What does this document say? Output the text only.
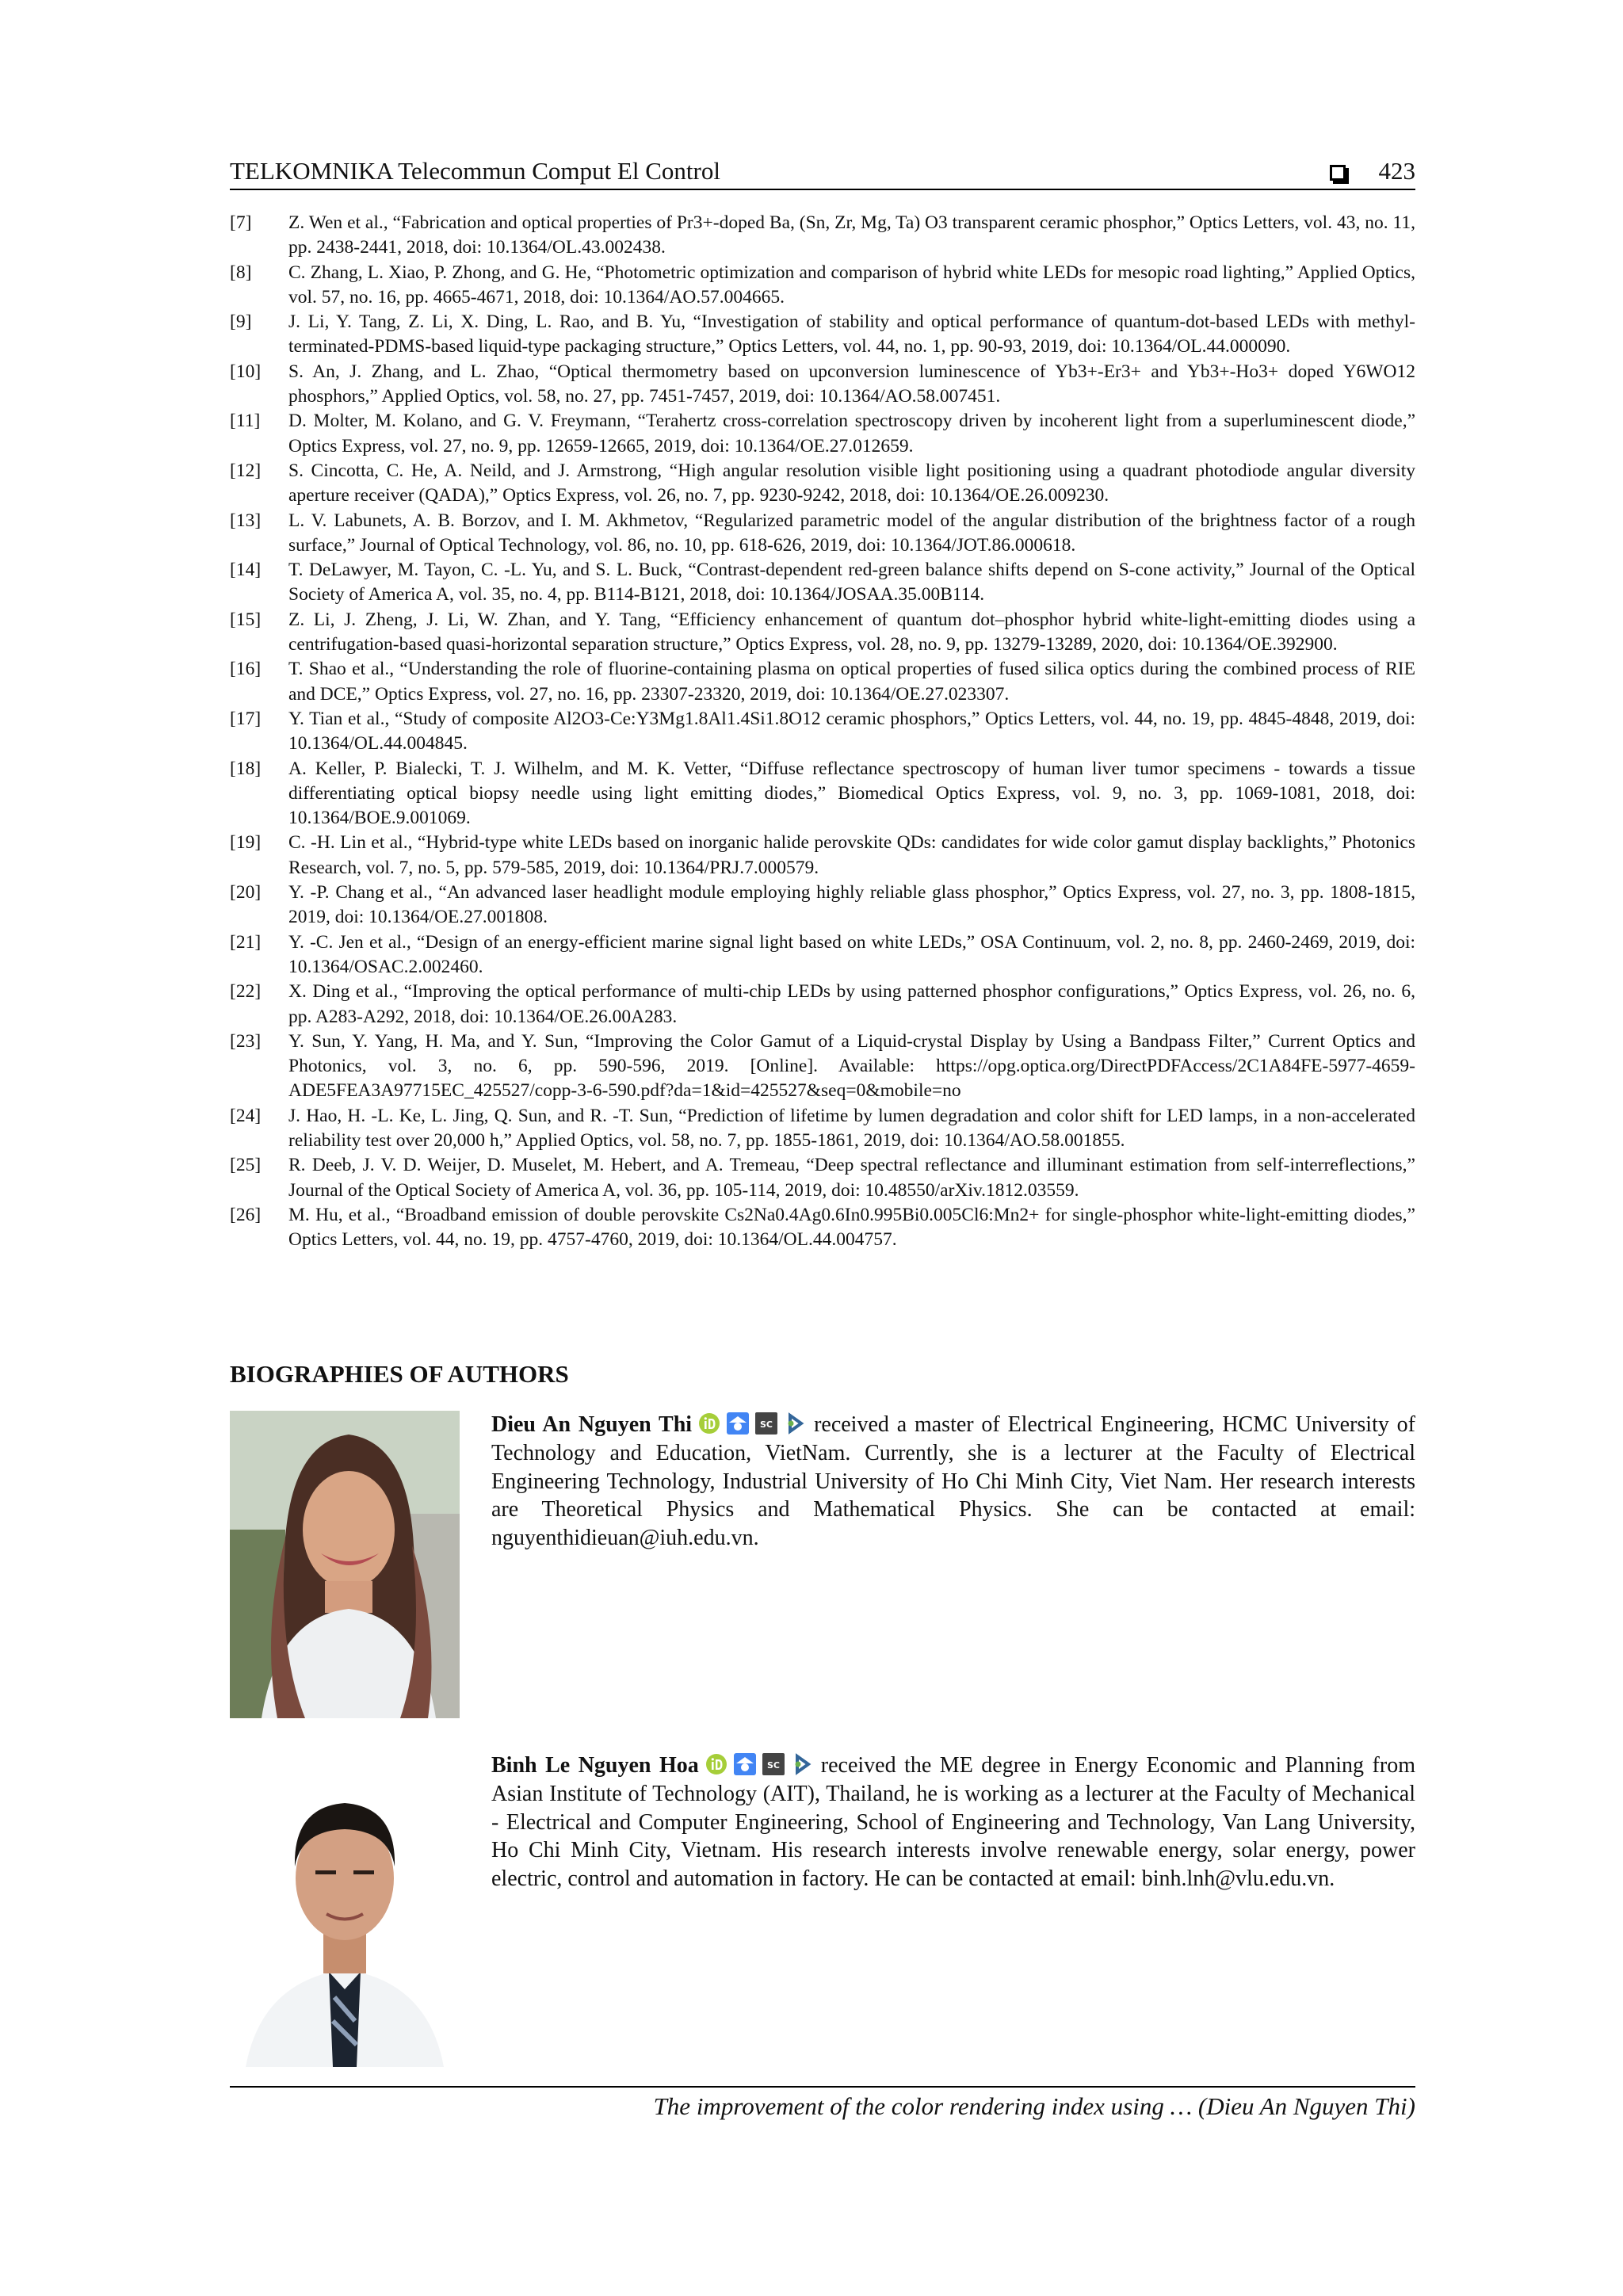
TELKOMNIKA Telecommun Comput El Control	423
[7]	Z. Wen et al., “Fabrication and optical properties of Pr3+-doped Ba, (Sn, Zr, Mg, Ta) O3 transparent ceramic phosphor,” Optics Letters, vol. 43, no. 11, pp. 2438-2441, 2018, doi: 10.1364/OL.43.002438.
[8]	C. Zhang, L. Xiao, P. Zhong, and G. He, “Photometric optimization and comparison of hybrid white LEDs for mesopic road lighting,” Applied Optics, vol. 57, no. 16, pp. 4665-4671, 2018, doi: 10.1364/AO.57.004665.
[9]	J. Li, Y. Tang, Z. Li, X. Ding, L. Rao, and B. Yu, “Investigation of stability and optical performance of quantum-dot-based LEDs with methyl-terminated-PDMS-based liquid-type packaging structure,” Optics Letters, vol. 44, no. 1, pp. 90-93, 2019, doi: 10.1364/OL.44.000090.
[10]	S. An, J. Zhang, and L. Zhao, “Optical thermometry based on upconversion luminescence of Yb3+-Er3+ and Yb3+-Ho3+ doped Y6WO12 phosphors,” Applied Optics, vol. 58, no. 27, pp. 7451-7457, 2019, doi: 10.1364/AO.58.007451.
[11]	D. Molter, M. Kolano, and G. V. Freymann, “Terahertz cross-correlation spectroscopy driven by incoherent light from a superluminescent diode,” Optics Express, vol. 27, no. 9, pp. 12659-12665, 2019, doi: 10.1364/OE.27.012659.
[12]	S. Cincotta, C. He, A. Neild, and J. Armstrong, “High angular resolution visible light positioning using a quadrant photodiode angular diversity aperture receiver (QADA),” Optics Express, vol. 26, no. 7, pp. 9230-9242, 2018, doi: 10.1364/OE.26.009230.
[13]	L. V. Labunets, A. B. Borzov, and I. M. Akhmetov, “Regularized parametric model of the angular distribution of the brightness factor of a rough surface,” Journal of Optical Technology, vol. 86, no. 10, pp. 618-626, 2019, doi: 10.1364/JOT.86.000618.
[14]	T. DeLawyer, M. Tayon, C. -L. Yu, and S. L. Buck, “Contrast-dependent red-green balance shifts depend on S-cone activity,” Journal of the Optical Society of America A, vol. 35, no. 4, pp. B114-B121, 2018, doi: 10.1364/JOSAA.35.00B114.
[15]	Z. Li, J. Zheng, J. Li, W. Zhan, and Y. Tang, “Efficiency enhancement of quantum dot–phosphor hybrid white-light-emitting diodes using a centrifugation-based quasi-horizontal separation structure,” Optics Express, vol. 28, no. 9, pp. 13279-13289, 2020, doi: 10.1364/OE.392900.
[16]	T. Shao et al., “Understanding the role of fluorine-containing plasma on optical properties of fused silica optics during the combined process of RIE and DCE,” Optics Express, vol. 27, no. 16, pp. 23307-23320, 2019, doi: 10.1364/OE.27.023307.
[17]	Y. Tian et al., “Study of composite Al2O3-Ce:Y3Mg1.8Al1.4Si1.8O12 ceramic phosphors,” Optics Letters, vol. 44, no. 19, pp. 4845-4848, 2019, doi: 10.1364/OL.44.004845.
[18]	A. Keller, P. Bialecki, T. J. Wilhelm, and M. K. Vetter, “Diffuse reflectance spectroscopy of human liver tumor specimens - towards a tissue differentiating optical biopsy needle using light emitting diodes,” Biomedical Optics Express, vol. 9, no. 3, pp. 1069-1081, 2018, doi: 10.1364/BOE.9.001069.
[19]	C. -H. Lin et al., “Hybrid-type white LEDs based on inorganic halide perovskite QDs: candidates for wide color gamut display backlights,” Photonics Research, vol. 7, no. 5, pp. 579-585, 2019, doi: 10.1364/PRJ.7.000579.
[20]	Y. -P. Chang et al., “An advanced laser headlight module employing highly reliable glass phosphor,” Optics Express, vol. 27, no. 3, pp. 1808-1815, 2019, doi: 10.1364/OE.27.001808.
[21]	Y. -C. Jen et al., “Design of an energy-efficient marine signal light based on white LEDs,” OSA Continuum, vol. 2, no. 8, pp. 2460-2469, 2019, doi: 10.1364/OSAC.2.002460.
[22]	X. Ding et al., “Improving the optical performance of multi-chip LEDs by using patterned phosphor configurations,” Optics Express, vol. 26, no. 6, pp. A283-A292, 2018, doi: 10.1364/OE.26.00A283.
[23]	Y. Sun, Y. Yang, H. Ma, and Y. Sun, “Improving the Color Gamut of a Liquid-crystal Display by Using a Bandpass Filter,” Current Optics and Photonics, vol. 3, no. 6, pp. 590-596, 2019. [Online]. Available: https://opg.optica.org/DirectPDFAccess/2C1A84FE-5977-4659-ADE5FEA3A97715EC_425527/copp-3-6-590.pdf?da=1&id=425527&seq=0&mobile=no
[24]	J. Hao, H. -L. Ke, L. Jing, Q. Sun, and R. -T. Sun, “Prediction of lifetime by lumen degradation and color shift for LED lamps, in a non-accelerated reliability test over 20,000 h,” Applied Optics, vol. 58, no. 7, pp. 1855-1861, 2019, doi: 10.1364/AO.58.001855.
[25]	R. Deeb, J. V. D. Weijer, D. Muselet, M. Hebert, and A. Tremeau, “Deep spectral reflectance and illuminant estimation from self-interreflections,” Journal of the Optical Society of America A, vol. 36, pp. 105-114, 2019, doi: 10.48550/arXiv.1812.03559.
[26]	M. Hu, et al., “Broadband emission of double perovskite Cs2Na0.4Ag0.6In0.995Bi0.005Cl6:Mn2+ for single-phosphor white-light-emitting diodes,” Optics Letters, vol. 44, no. 19, pp. 4757-4760, 2019, doi: 10.1364/OL.44.004757.
BIOGRAPHIES OF AUTHORS
Dieu An Nguyen Thi	SC received a master of Electrical Engineering, HCMC University of Technology and Education, VietNam. Currently, she is a lecturer at the Faculty of Electrical Engineering Technology, Industrial University of Ho Chi Minh City, Viet Nam. Her research interests are Theoretical Physics and Mathematical Physics. She can be contacted at email: nguyenthidieuan@iuh.edu.vn.
Binh Le Nguyen Hoa	SC received the ME degree in Energy Economic and Planning from Asian Institute of Technology (AIT), Thailand, he is working as a lecturer at the Faculty of Mechanical - Electrical and Computer Engineering, School of Engineering and Technology, Van Lang University, Ho Chi Minh City, Vietnam. His research interests involve renewable energy, solar energy, power electric, control and automation in factory. He can be contacted at email: binh.lnh@vlu.edu.vn.
The improvement of the color rendering index using … (Dieu An Nguyen Thi)
